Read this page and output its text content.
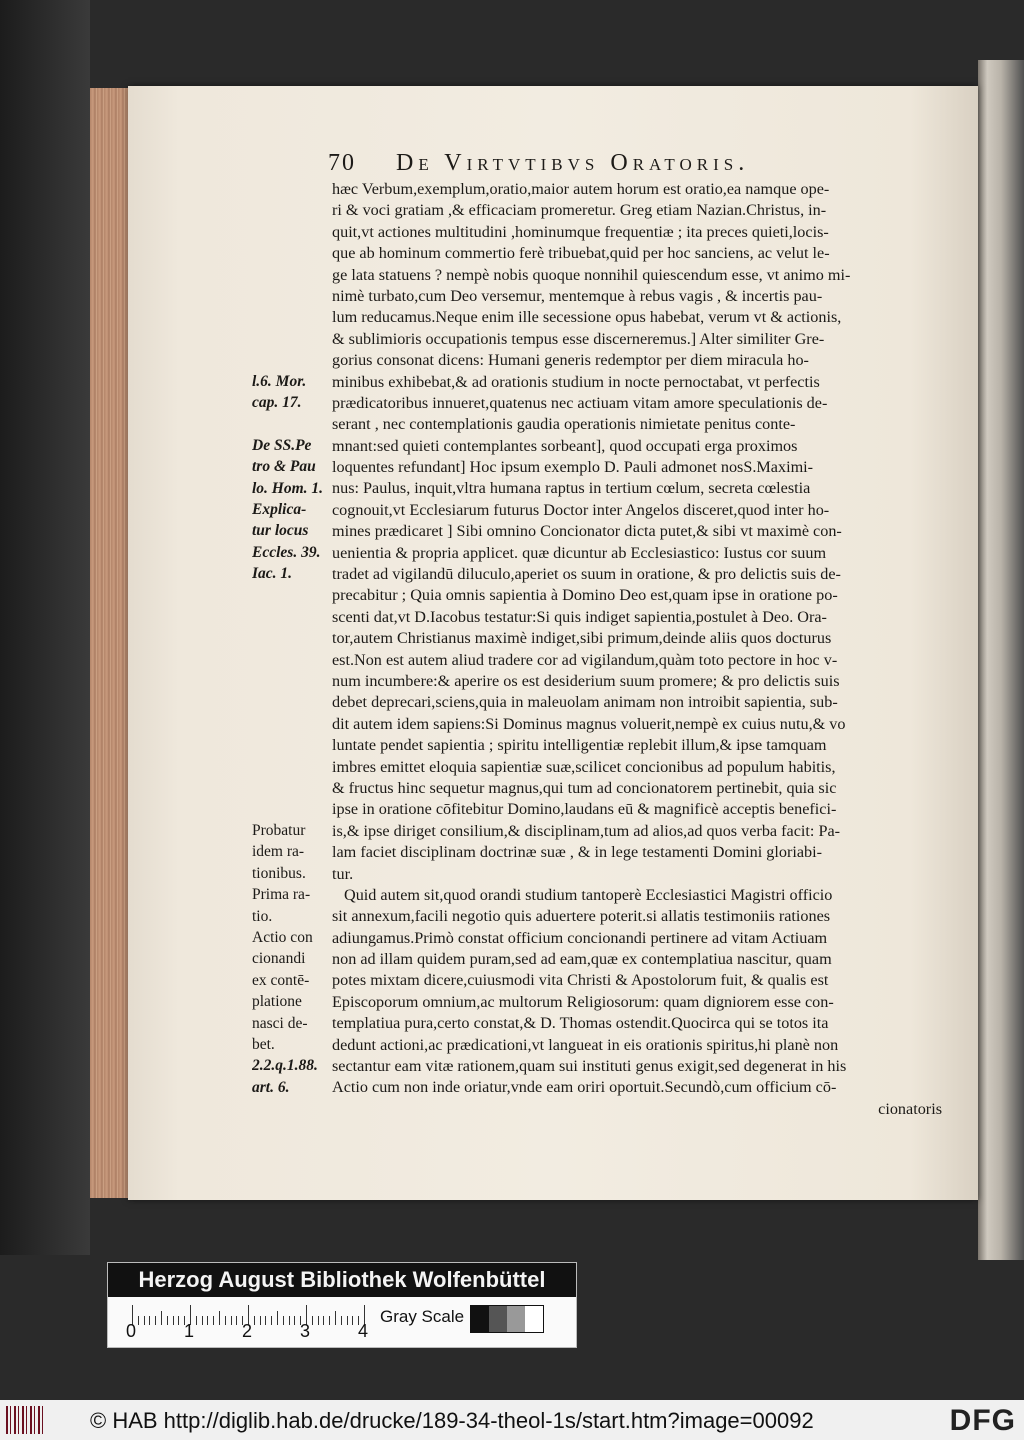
70 De Virtvtibvs Oratoris.
hæc Verbum,exemplum,oratio,maior autem horum est oratio,ea namque ope-
ri & voci gratiam ,& efficaciam promeretur. Greg etiam Nazian.Christus, in-
quit,vt actiones multitudini ,hominumque frequentiæ ; ita preces quieti,locis-
que ab hominum commertio ferè tribuebat,quid per hoc sanciens, ac velut le-
ge lata statuens ? nempè nobis quoque nonnihil quiescendum esse, vt animo mi-
nimè turbato,cum Deo versemur, mentemque à rebus vagis , & incertis pau-
lum reducamus.Neque enim ille secessione opus habebat, verum vt & actionis,
& sublimioris occupationis tempus esse discerneremus.] Alter similiter Gre-
gorius consonat dicens: Humani generis redemptor per diem miracula ho-
minibus exhibebat,& ad orationis studium in nocte pernoctabat, vt perfectis
prædicatoribus innueret,quatenus nec actiuam vitam amore speculationis de-
serant , nec contemplationis gaudia operationis nimietate penitus conte-
mnant:sed quieti contemplantes sorbeant], quod occupati erga proximos
loquentes refundant] Hoc ipsum exemplo D. Pauli admonet nosS.Maximi-
nus: Paulus, inquit,vltra humana raptus in tertium cœlum, secreta cœlestia
cognouit,vt Ecclesiarum futurus Doctor inter Angelos disceret,quod inter ho-
mines prædicaret ] Sibi omnino Concionator dicta putet,& sibi vt maximè con-
uenientia & propria applicet. quæ dicuntur ab Ecclesiastico: Iustus cor suum
tradet ad vigilandū diluculo,aperiet os suum in oratione, & pro delictis suis de-
precabitur ; Quia omnis sapientia à Domino Deo est,quam ipse in oratione po-
scenti dat,vt D.Iacobus testatur:Si quis indiget sapientia,postulet à Deo. Ora-
tor,autem Christianus maximè indiget,sibi primum,deinde aliis quos docturus
est.Non est autem aliud tradere cor ad vigilandum,quàm toto pectore in hoc v-
num incumbere:& aperire os est desiderium suum promere; & pro delictis suis
debet deprecari,sciens,quia in maleuolam animam non introibit sapientia, sub-
dit autem idem sapiens:Si Dominus magnus voluerit,nempè ex cuius nutu,& vo
luntate pendet sapientia ; spiritu intelligentiæ replebit illum,& ipse tamquam
imbres emittet eloquia sapientiæ suæ,scilicet concionibus ad populum habitis,
& fructus hinc sequetur magnus,qui tum ad concionatorem pertinebit, quia sic
ipse in oratione cōfitebitur Domino,laudans eū & magnificè acceptis benefici-
is,& ipse diriget consilium,& disciplinam,tum ad alios,ad quos verba facit: Pa-
lam faciet disciplinam doctrinæ suæ , & in lege testamenti Domini gloriabi-
tur.
Quid autem sit,quod orandi studium tantoperè Ecclesiastici Magistri officio
sit annexum,facili negotio quis aduertere poterit.si allatis testimoniis rationes
adiungamus.Primò constat officium concionandi pertinere ad vitam Actiuam
non ad illam quidem puram,sed ad eam,quæ ex contemplatiua nascitur, quam
potes mixtam dicere,cuiusmodi vita Christi & Apostolorum fuit, & qualis est
Episcoporum omnium,ac multorum Religiosorum: quam digniorem esse con-
templatiua pura,certo constat,& D. Thomas ostendit.Quocirca qui se totos ita
dedunt actioni,ac prædicationi,vt langueat in eis orationis spiritus,hi planè non
sectantur eam vitæ rationem,quam sui instituti genus exigit,sed degenerat in his
Actio cum non inde oriatur,vnde eam oriri oportuit.Secundò,cum officium cō-
cionatoris
l.6. Mor.
cap. 17.
De SS.Pe
tro & Pau
lo. Hom. 1.
Explica-
tur locus
Eccles. 39.
Iac. 1.
2.2.q.1.88.
art. 6.
Probatur
idem ra-
tionibus.
Prima ra-
tio.
Actio con
cionandi
ex contē-
platione
nasci de-
bet.
Herzog August Bibliothek Wolfenbüttel
0	1	2	3	4
Gray Scale
© HAB http://diglib.hab.de/drucke/189-34-theol-1s/start.htm?image=00092	DFG
